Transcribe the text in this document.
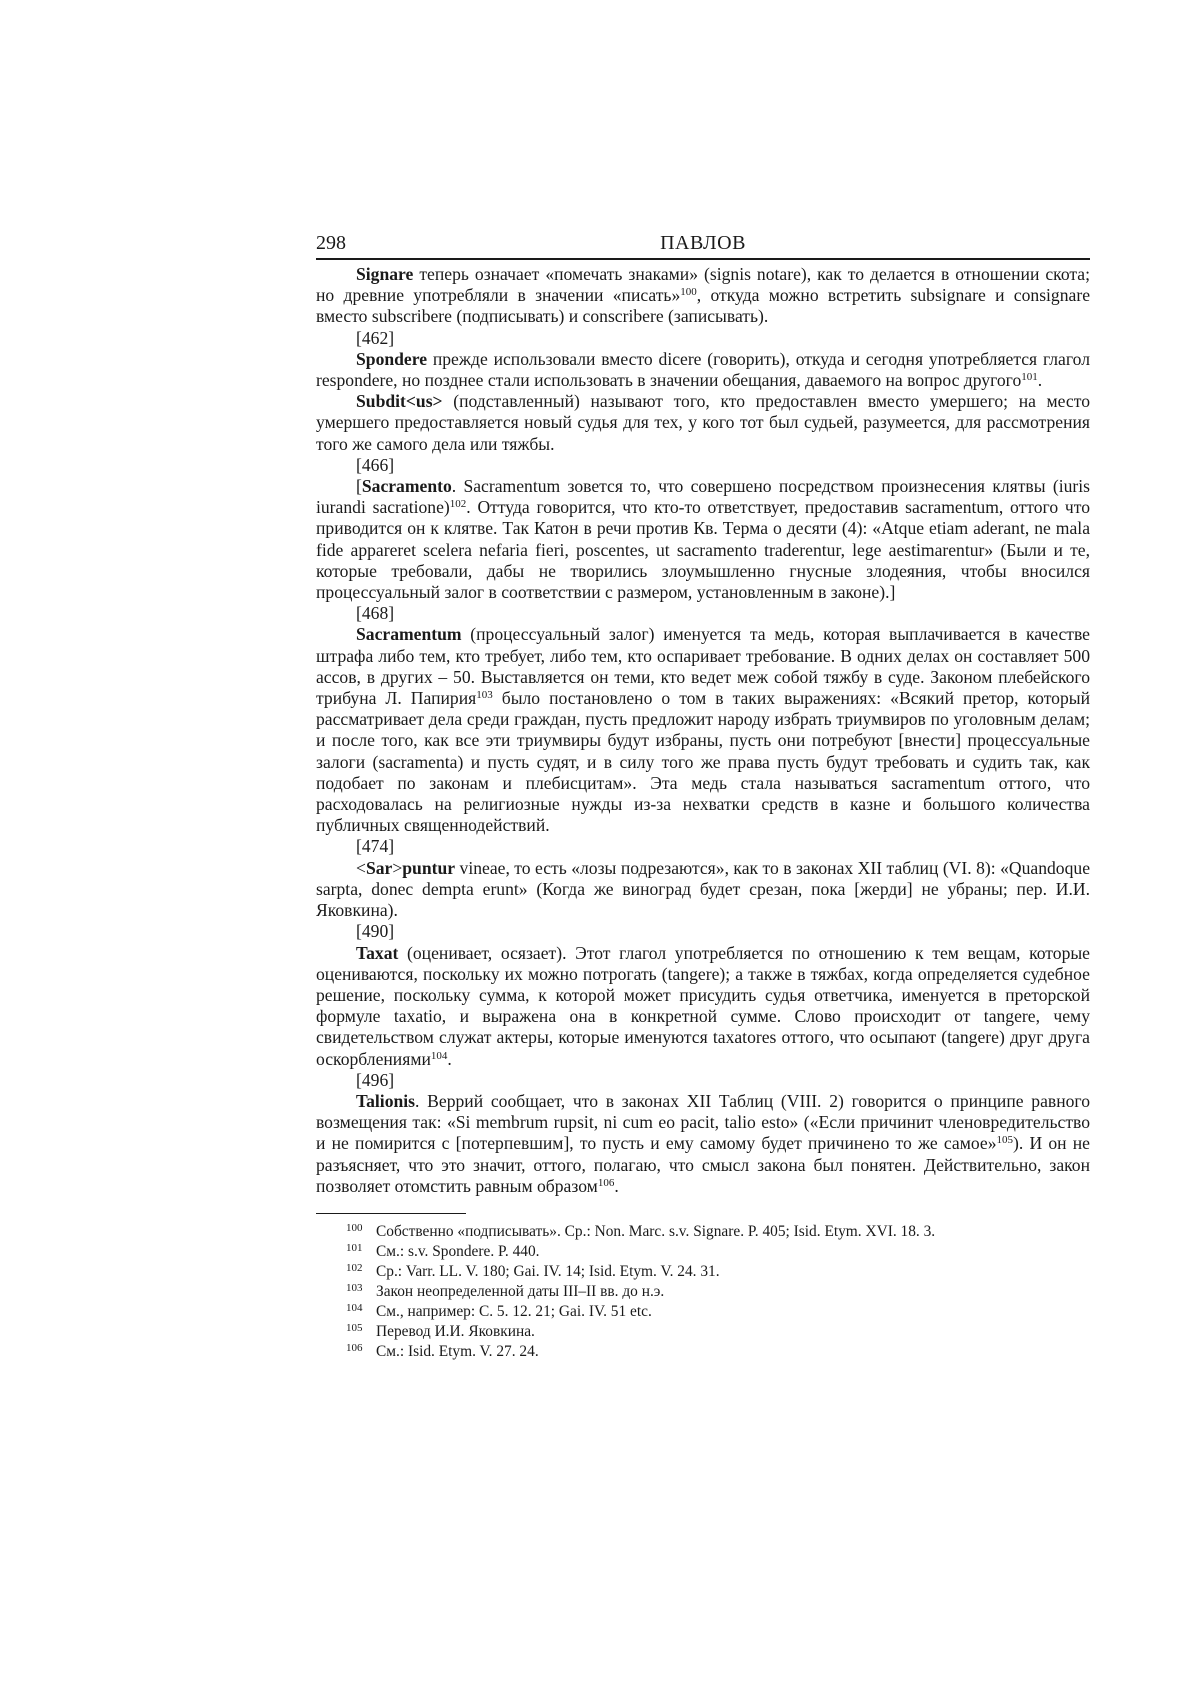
298	ПАВЛОВ

Signare теперь означает «помечать знаками» (signis notare), как то делается в отношении скота; но древние употребляли в значении «писать»$^{100}$, откуда можно встретить subsignare и consignare вместо subscribere (подписывать) и conscribere (записывать).

[462]

Spondere прежде использовали вместо dicere (говорить), откуда и сегодня употребляется глагол respondere, но позднее стали использовать в значении обещания, даваемого на вопрос другого$^{101}$.

Subdit<us> (подставленный) называют того, кто предоставлен вместо умершего; на место умершего предоставляется новый судья для тех, у кого тот был судьей, разумеется, для рассмотрения того же самого дела или тяжбы.

[466]

[Sacramento. Sacramentum зовется то, что совершено посредством произнесения клятвы (iuris iurandi sacratione)$^{102}$. Оттуда говорится, что кто-то ответствует, предоставив sacramentum, оттого что приводится он к клятве. Так Катон в речи против Кв. Терма о десяти (4): «Atque etiam aderant, ne mala fide appareret scelera nefaria fieri, poscentes, ut sacramento traderentur, lege aestimarentur» (Были и те, которые требовали, дабы не творились злоумышленно гнусные злодеяния, чтобы вносился процессуальный залог в соответствии с размером, установленным в законе).]

[468]

Sacramentum (процессуальный залог) именуется та медь, которая выплачивается в качестве штрафа либо тем, кто требует, либо тем, кто оспаривает требование. В одних делах он составляет 500 ассов, в других – 50. Выставляется он теми, кто ведет меж собой тяжбу в суде. Законом плебейского трибуна Л. Папирия$^{103}$ было постановлено о том в таких выражениях: «Всякий претор, который рассматривает дела среди граждан, пусть предложит народу избрать триумвиров по уголовным делам; и после того, как все эти триумвиры будут избраны, пусть они потребуют [внести] процессуальные залоги (sacramenta) и пусть судят, и в силу того же права пусть будут требовать и судить так, как подобает по законам и плебисцитам». Эта медь стала называться sacramentum оттого, что расходовалась на религиозные нужды из-за нехватки средств в казне и большого количества публичных священнодействий.

[474]

<Sar>puntur vineae, то есть «лозы подрезаются», как то в законах XII таблиц (VI. 8): «Quandoque sarpta, donec dempta erunt» (Когда же виноград будет срезан, пока [жерди] не убраны; пер. И.И. Яковкина).

[490]

Taxat (оценивает, осязает). Этот глагол употребляется по отношению к тем вещам, которые оцениваются, поскольку их можно потрогать (tangere); а также в тяжбах, когда определяется судебное решение, поскольку сумма, к которой может присудить судья ответчика, именуется в преторской формуле taxatio, и выражена она в конкретной сумме. Слово происходит от tangere, чему свидетельством служат актеры, которые именуются taxatores оттого, что осыпают (tangere) друг друга оскорблениями$^{104}$.

[496]

Talionis. Веррий сообщает, что в законах XII Таблиц (VIII. 2) говорится о принципе равного возмещения так: «Si membrum rupsit, ni cum eo pacit, talio esto» («Если причинит членовредительство и не помирится с [потерпевшим], то пусть и ему самому будет причинено то же самое»$^{105}$). И он не разъясняет, что это значит, оттого, полагаю, что смысл закона был понятен. Действительно, закон позволяет отомстить равным образом$^{106}$.

100 Собственно «подписывать». Ср.: Non. Marc. s.v. Signare. P. 405; Isid. Etym. XVI. 18. 3.
101 См.: s.v. Spondere. P. 440.
102 Ср.: Varr. LL. V. 180; Gai. IV. 14; Isid. Etym. V. 24. 31.
103 Закон неопределенной даты III–II вв. до н.э.
104 См., например: C. 5. 12. 21; Gai. IV. 51 etc.
105 Перевод И.И. Яковкина.
106 См.: Isid. Etym. V. 27. 24.
